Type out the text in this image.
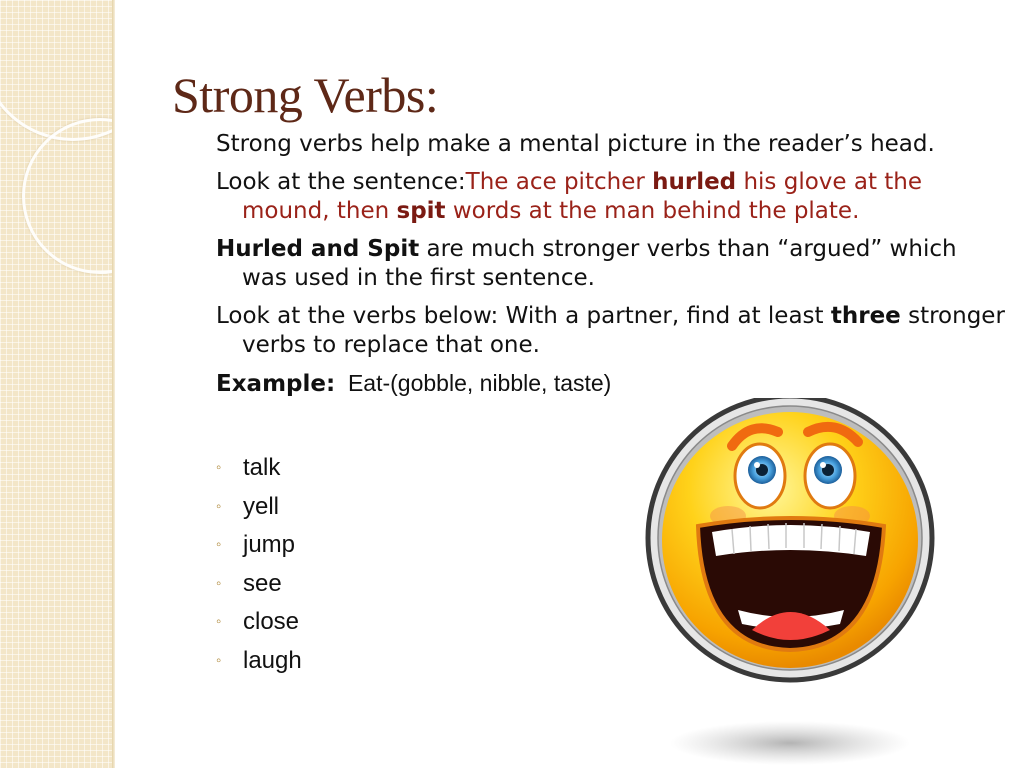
Strong Verbs:

Strong verbs help make a mental picture in the reader’s head.

Look at the sentence:The ace pitcher hurled his glove at the mound, then spit words at the man behind the plate.

Hurled and Spit are much stronger verbs than “argued” which was used in the first sentence.

Look at the verbs below: With a partner, find at least three stronger verbs to replace that one.

Example:  Eat-(gobble, nibble, taste)

◦ talk
◦ yell
◦ jump
◦ see
◦ close
◦ laugh
